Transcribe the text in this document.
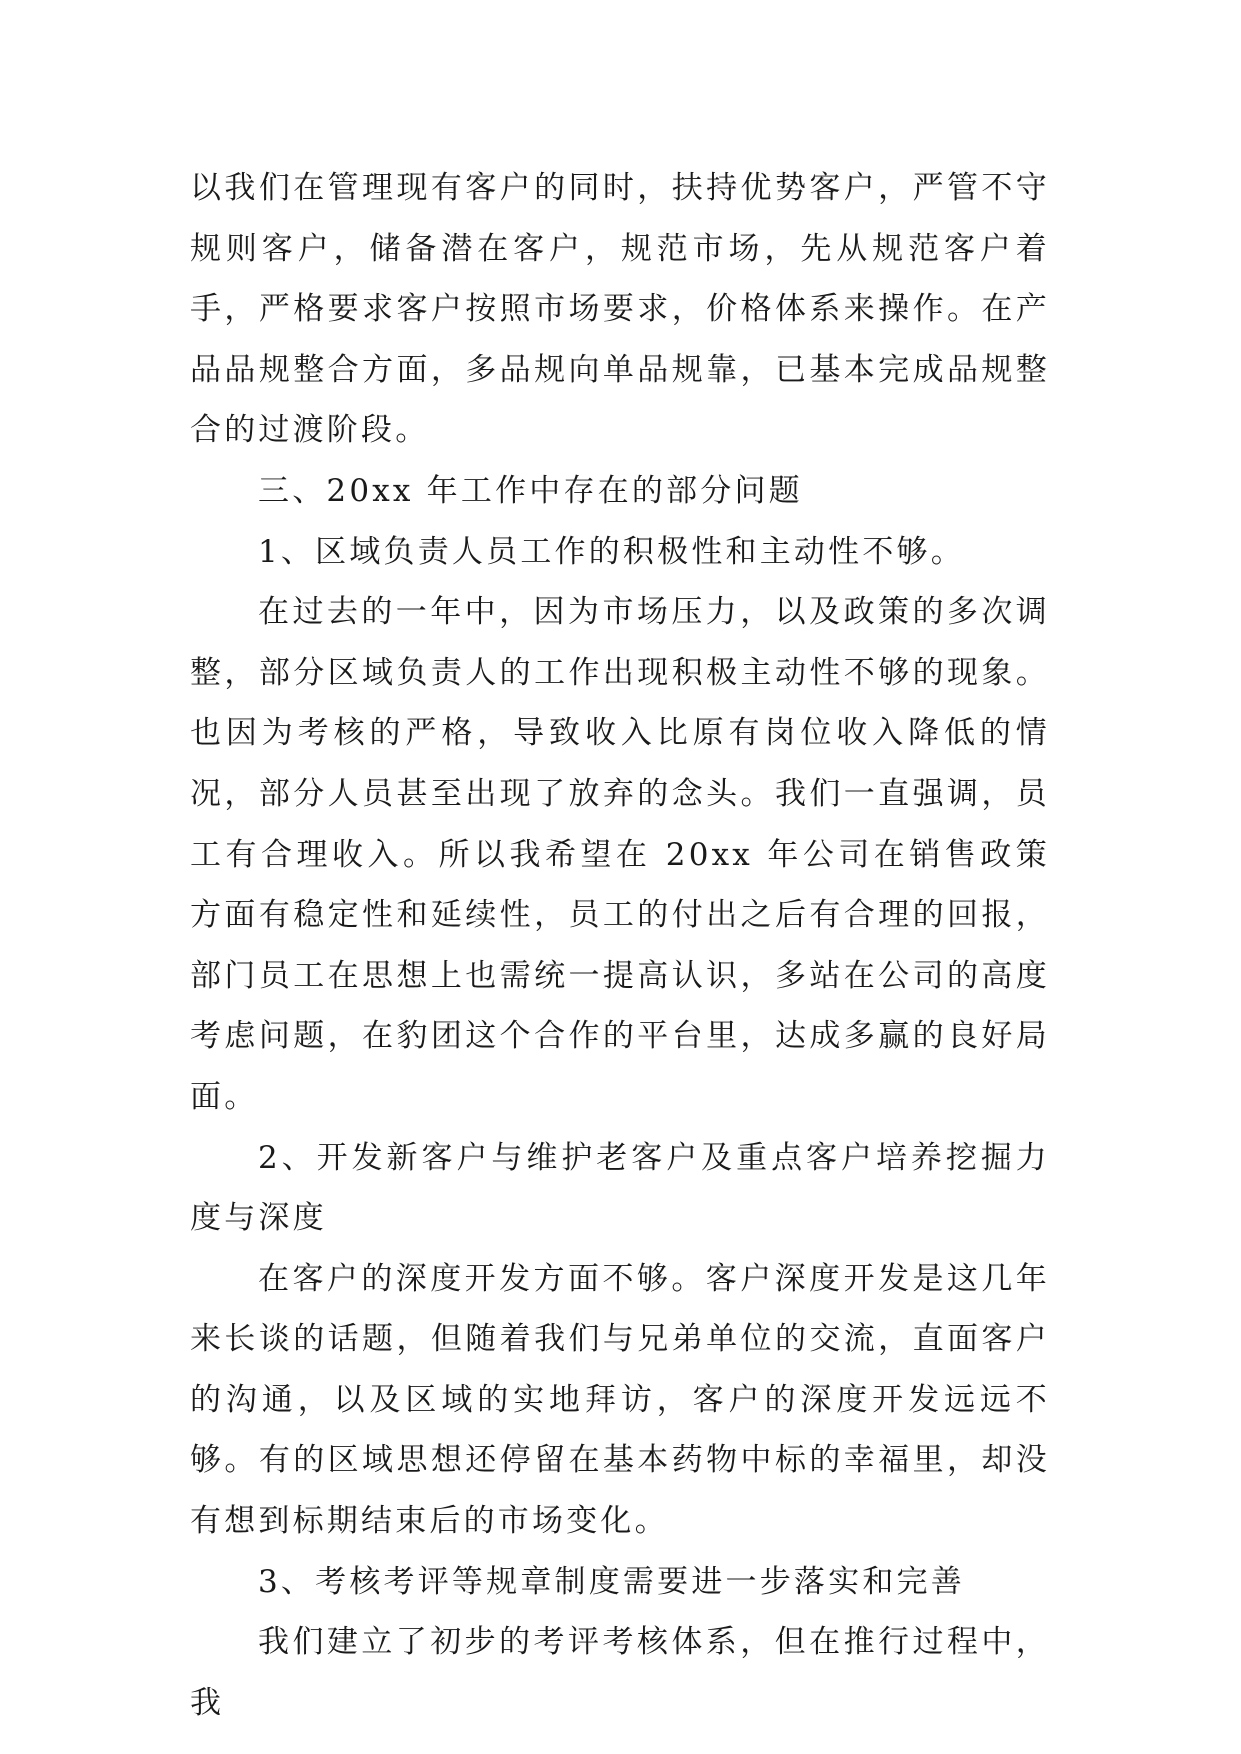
以我们在管理现有客户的同时，扶持优势客户，严管不守规则客户，储备潜在客户，规范市场，先从规范客户着手，严格要求客户按照市场要求，价格体系来操作。在产品品规整合方面，多品规向单品规靠，已基本完成品规整合的过渡阶段。

三、20xx 年工作中存在的部分问题

1、区域负责人员工作的积极性和主动性不够。

在过去的一年中，因为市场压力，以及政策的多次调整，部分区域负责人的工作出现积极主动性不够的现象。也因为考核的严格，导致收入比原有岗位收入降低的情况，部分人员甚至出现了放弃的念头。我们一直强调，员工有合理收入。所以我希望在 20xx 年公司在销售政策方面有稳定性和延续性，员工的付出之后有合理的回报，部门员工在思想上也需统一提高认识，多站在公司的高度考虑问题，在豹团这个合作的平台里，达成多赢的良好局面。

2、开发新客户与维护老客户及重点客户培养挖掘力度与深度

在客户的深度开发方面不够。客户深度开发是这几年来长谈的话题，但随着我们与兄弟单位的交流，直面客户的沟通，以及区域的实地拜访，客户的深度开发远远不够。有的区域思想还停留在基本药物中标的幸福里，却没有想到标期结束后的市场变化。

3、考核考评等规章制度需要进一步落实和完善

我们建立了初步的考评考核体系，但在推行过程中，我
